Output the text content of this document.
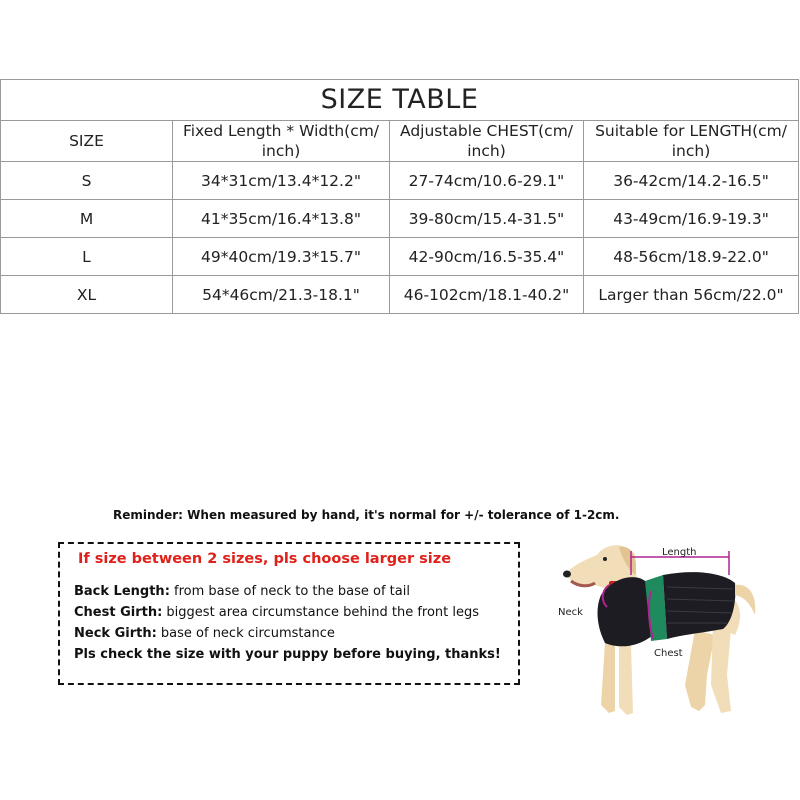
SIZE TABLE			
SIZE	Fixed Length * Width(cm/ inch)	Adjustable CHEST(cm/ inch)	Suitable for LENGTH(cm/ inch)
S	34*31cm/13.4*12.2"	27-74cm/10.6-29.1"	36-42cm/14.2-16.5"
M	41*35cm/16.4*13.8"	39-80cm/15.4-31.5"	43-49cm/16.9-19.3"
L	49*40cm/19.3*15.7"	42-90cm/16.5-35.4"	48-56cm/18.9-22.0"
XL	54*46cm/21.3-18.1"	46-102cm/18.1-40.2"	Larger than 56cm/22.0"
Reminder: When measured by hand, it's normal for +/- tolerance of 1-2cm.
If size between 2 sizes, pls choose larger size
Back Length: from base of neck to the base of tail
Chest Girth: biggest area circumstance behind the front legs
Neck Girth: base of neck circumstance
Pls check the size with your puppy before buying, thanks!
Length
Neck
Chest
